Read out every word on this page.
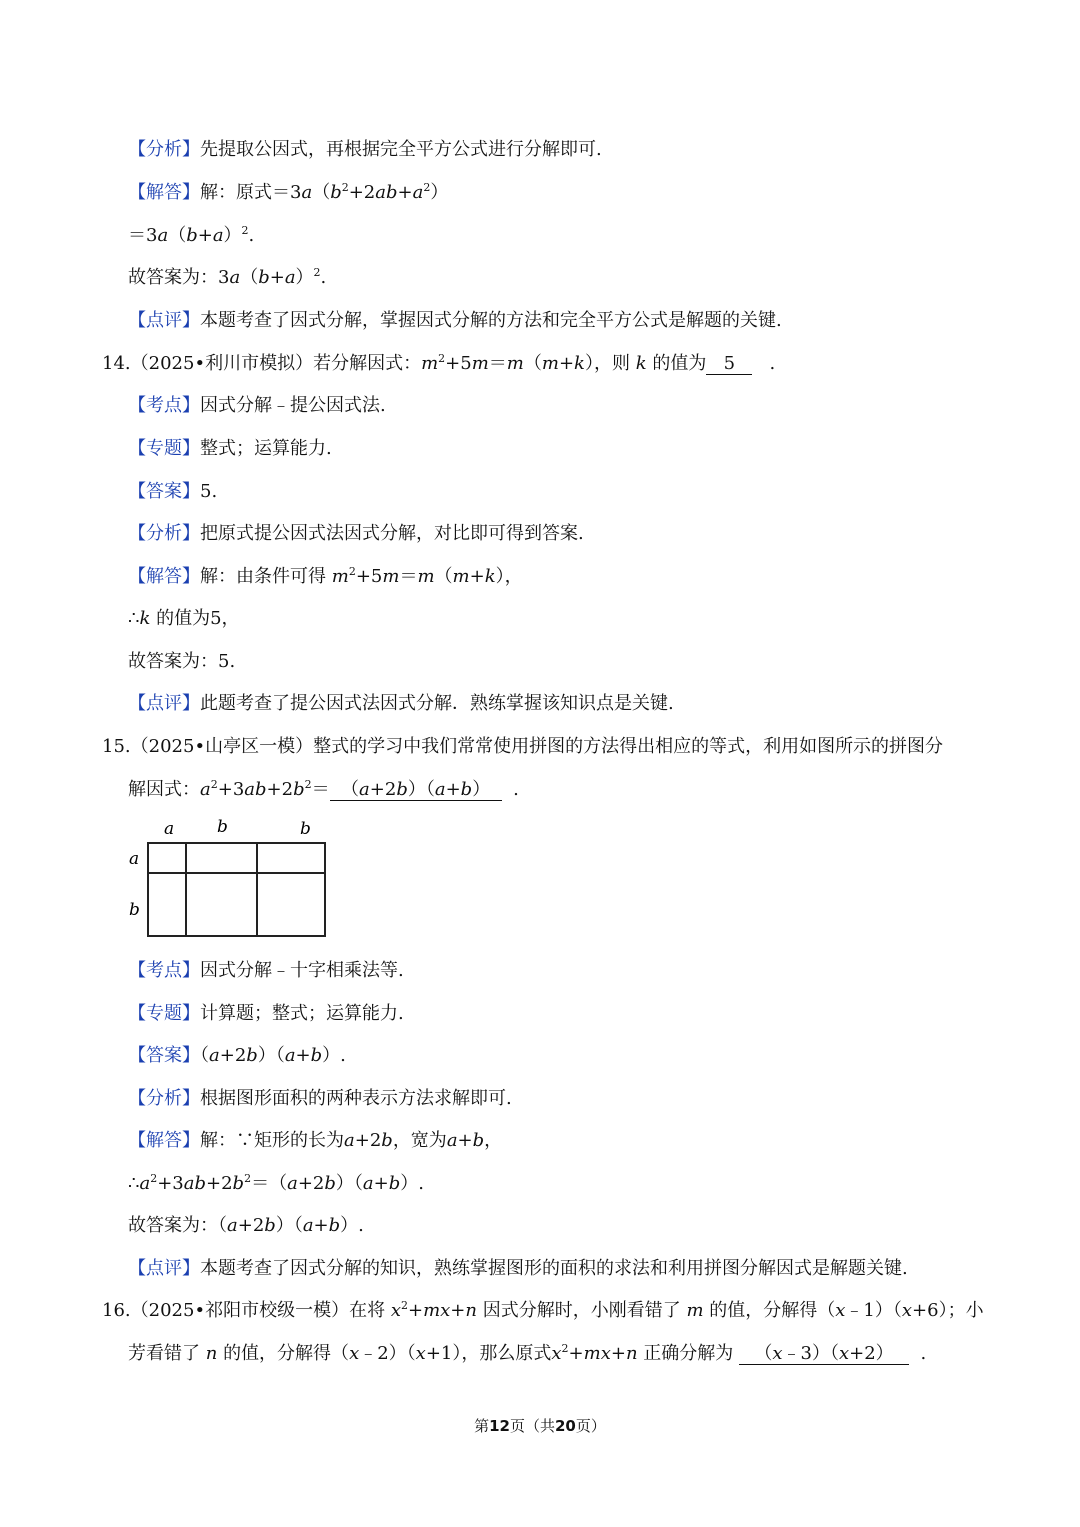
【分析】先提取公因式，再根据完全平方公式进行分解即可.
【解答】解：原式$=3a(b^2+2ab+a^2)$
$=3a(b+a)^2$.
故答案为：$3a(b+a)^2$.
【点评】本题考查了因式分解，掌握因式分解的方法和完全平方公式是解题的关键.
14.（2025•利川市模拟）若分解因式：$m^2+5m=m(m+k)$，则 k 的值为 5   .
【考点】因式分解﹣提公因式法.
【专题】整式；运算能力.
【答案】5.
【分析】把原式提公因式法因式分解，对比即可得到答案.
【解答】解：由条件可得 $m^2+5m=m(m+k)$，
∴k 的值为5，
故答案为：5.
【点评】此题考查了提公因式法因式分解．熟练掌握该知识点是关键.
15.（2025•山亭区一模）整式的学习中我们常常使用拼图的方法得出相应的等式，利用如图所示的拼图分
解因式：$a^2+3ab+2b^2= (a+2b)(a+b)$  .
a	b	b
a
b
【考点】因式分解﹣十字相乘法等.
【专题】计算题；整式；运算能力.
【答案】（a+2b）（a+b）.
【分析】根据图形面积的两种表示方法求解即可.
【解答】解：∵矩形的长为a+2b，宽为a+b，
$\therefore a^2+3ab+2b^2=(a+2b)(a+b)$.
故答案为：（a+2b）（a+b）.
【点评】本题考查了因式分解的知识，熟练掌握图形的面积的求法和利用拼图分解因式是解题关键.
16.（2025•祁阳市校级一模）在将 $x^2+mx+n$ 因式分解时，小刚看错了 m 的值，分解得（x﹣1）（x+6）；小
芳看错了 n 的值，分解得（x﹣2）（x+1），那么原式$x^2+mx+n$ 正确分解为 （x﹣3）（x+2）  .
第12页（共20页）
